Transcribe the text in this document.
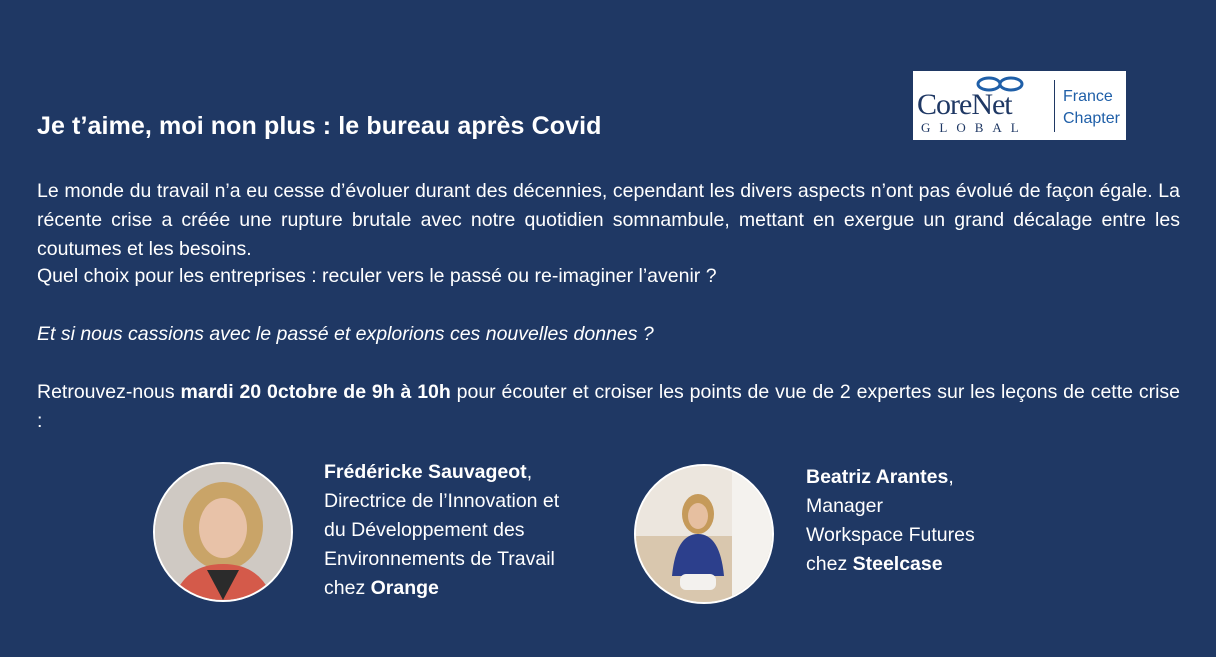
Je t’aime, moi non plus : le bureau après Covid
CoreNet
GLOBAL
France
Chapter

Le monde du travail n’a eu cesse d’évoluer durant des décennies, cependant les divers aspects n’ont pas évolué de façon égale. La récente crise a créée une rupture brutale avec notre quotidien somnambule, mettant en exergue un grand décalage entre les coutumes et les besoins.

Quel choix pour les entreprises : reculer vers le passé ou re-imaginer l’avenir ?

Et si nous cassions avec le passé et explorions ces nouvelles donnes ?

Retrouvez-nous mardi 20 0ctobre de 9h à 10h pour écouter et croiser les points de vue de 2 expertes sur les leçons de cette crise :

Frédéricke Sauvageot,
Directrice de l’Innovation et
du Développement des
Environnements de Travail
chez Orange
Beatriz Arantes,
Manager
Workspace Futures
chez Steelcase
